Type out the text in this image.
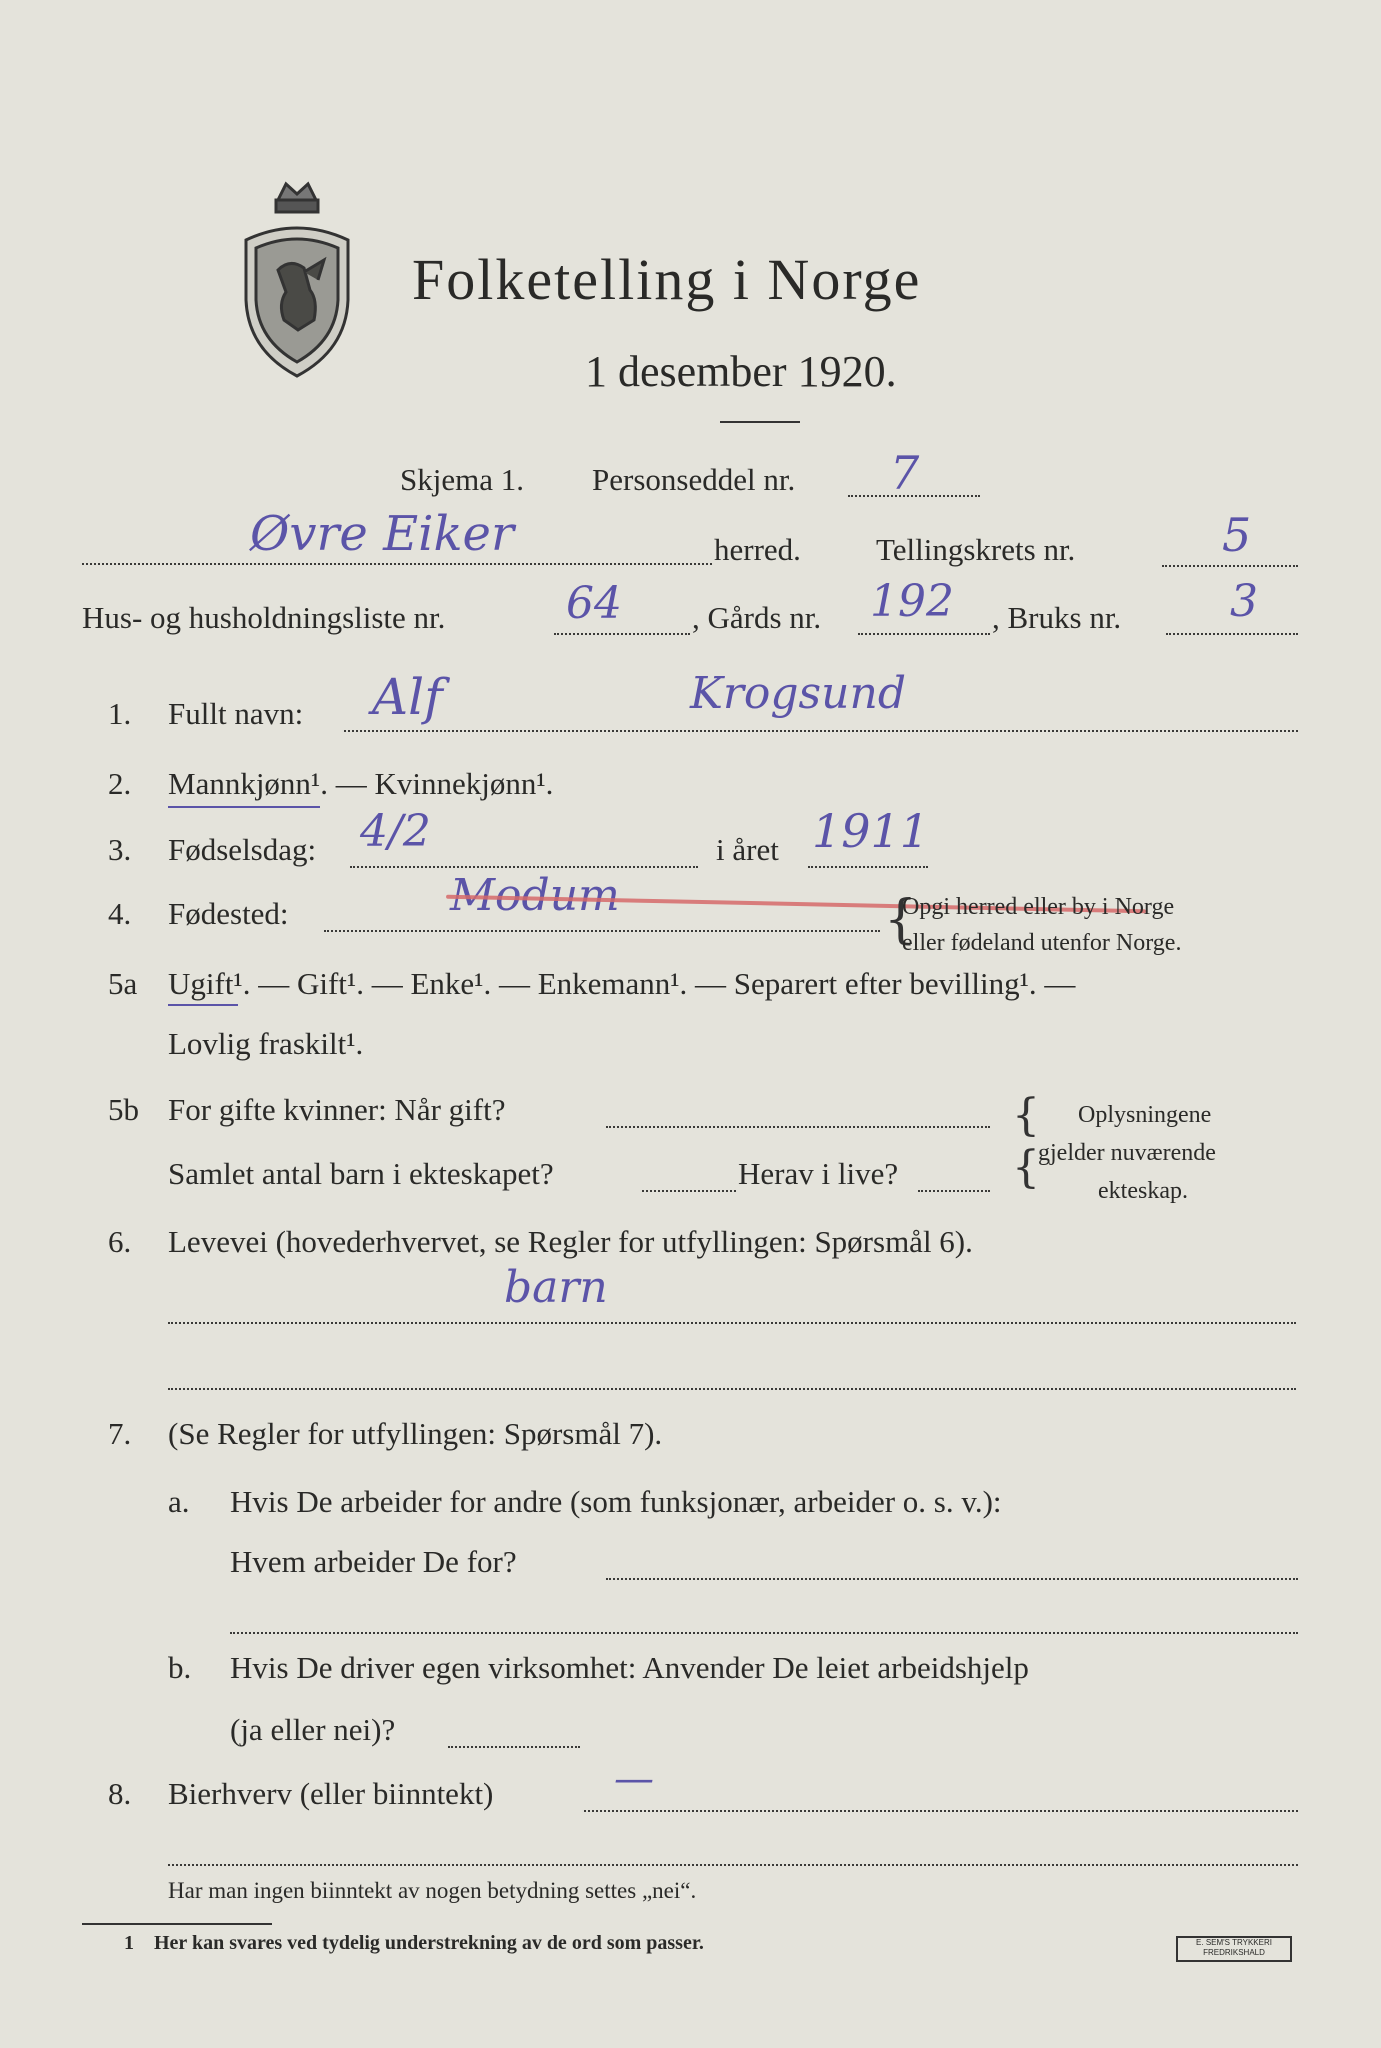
Folketelling i Norge
1 desember 1920.
Skjema 1. Personseddel nr. 7
Øvre Eiker	herred. Tellingskrets nr.	5
Hus- og husholdningsliste nr.	64 , Gårds nr. 192 , Bruks nr. 3
1. Fullt navn: Alf	Krogsund
2. Mannkjønn¹. — Kvinnekjønn¹.
3. Fødselsdag: 4/2	i året 1911
4. Fødested:	Modum	{
Opgi herred eller by i Norge
eller fødeland utenfor Norge.
5a Ugift¹. — Gift¹. — Enke¹. — Enkemann¹. — Separert efter bevilling¹. —
Lovlig fraskilt¹.
5b For gifte kvinner: Når gift?
Samlet antal barn i ekteskapet?	Herav i live?
{
{
Oplysningene
gjelder nuværende
ekteskap.
6. Levevei (hovederhvervet, se Regler for utfyllingen: Spørsmål 6).
barn
7. (Se Regler for utfyllingen: Spørsmål 7).
a. Hvis De arbeider for andre (som funksjonær, arbeider o. s. v.):
Hvem arbeider De for?
b. Hvis De driver egen virksomhet: Anvender De leiet arbeidshjelp
(ja eller nei)?
8. Bierhverv (eller biinntekt)	—
Har man ingen biinntekt av nogen betydning settes „nei“.
1 Her kan svares ved tydelig understrekning av de ord som passer.	E. SEM'S TRYKKERI FREDRIKSHALD
